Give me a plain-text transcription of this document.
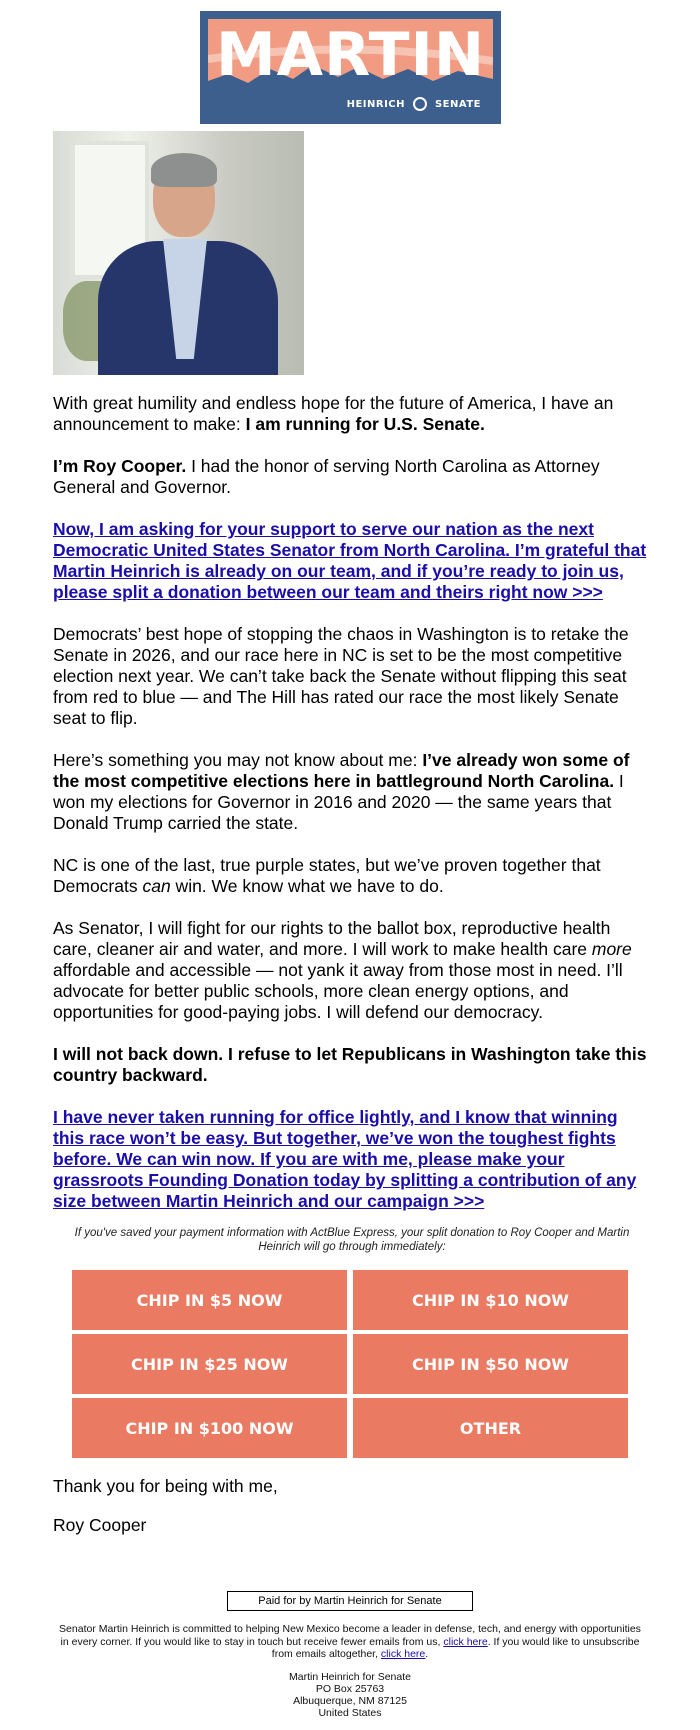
MARTIN
HEINRICH	SENATE

With great humility and endless hope for the future of America, I have an announcement to make: I am running for U.S. Senate.

I’m Roy Cooper. I had the honor of serving North Carolina as Attorney General and Governor.

Now, I am asking for your support to serve our nation as the next Democratic United States Senator from North Carolina. I’m grateful that Martin Heinrich is already on our team, and if you’re ready to join us, please split a donation between our team and theirs right now >>>

Democrats’ best hope of stopping the chaos in Washington is to retake the Senate in 2026, and our race here in NC is set to be the most competitive election next year. We can’t take back the Senate without flipping this seat from red to blue — and The Hill has rated our race the most likely Senate seat to flip.

Here’s something you may not know about me: I’ve already won some of the most competitive elections here in battleground North Carolina. I won my elections for Governor in 2016 and 2020 — the same years that Donald Trump carried the state.

NC is one of the last, true purple states, but we’ve proven together that Democrats can win. We know what we have to do.

As Senator, I will fight for our rights to the ballot box, reproductive health care, cleaner air and water, and more. I will work to make health care more affordable and accessible — not yank it away from those most in need. I’ll advocate for better public schools, more clean energy options, and opportunities for good-paying jobs. I will defend our democracy.

I will not back down. I refuse to let Republicans in Washington take this country backward.

I have never taken running for office lightly, and I know that winning this race won’t be easy. But together, we’ve won the toughest fights before. We can win now. If you are with me, please make your grassroots Founding Donation today by splitting a contribution of any size between Martin Heinrich and our campaign >>>

If you've saved your payment information with ActBlue Express, your split donation to Roy Cooper and Martin Heinrich will go through immediately:
CHIP IN $5 NOW	CHIP IN $10 NOW
CHIP IN $25 NOW	CHIP IN $50 NOW
CHIP IN $100 NOW	OTHER

Thank you for being with me,

Roy Cooper

Paid for by Martin Heinrich for Senate
Senator Martin Heinrich is committed to helping New Mexico become a leader in defense, tech, and energy with opportunities in every corner. If you would like to stay in touch but receive fewer emails from us, click here. If you would like to unsubscribe from emails altogether, click here.
Martin Heinrich for Senate
PO Box 25763
Albuquerque, NM 87125
United States
